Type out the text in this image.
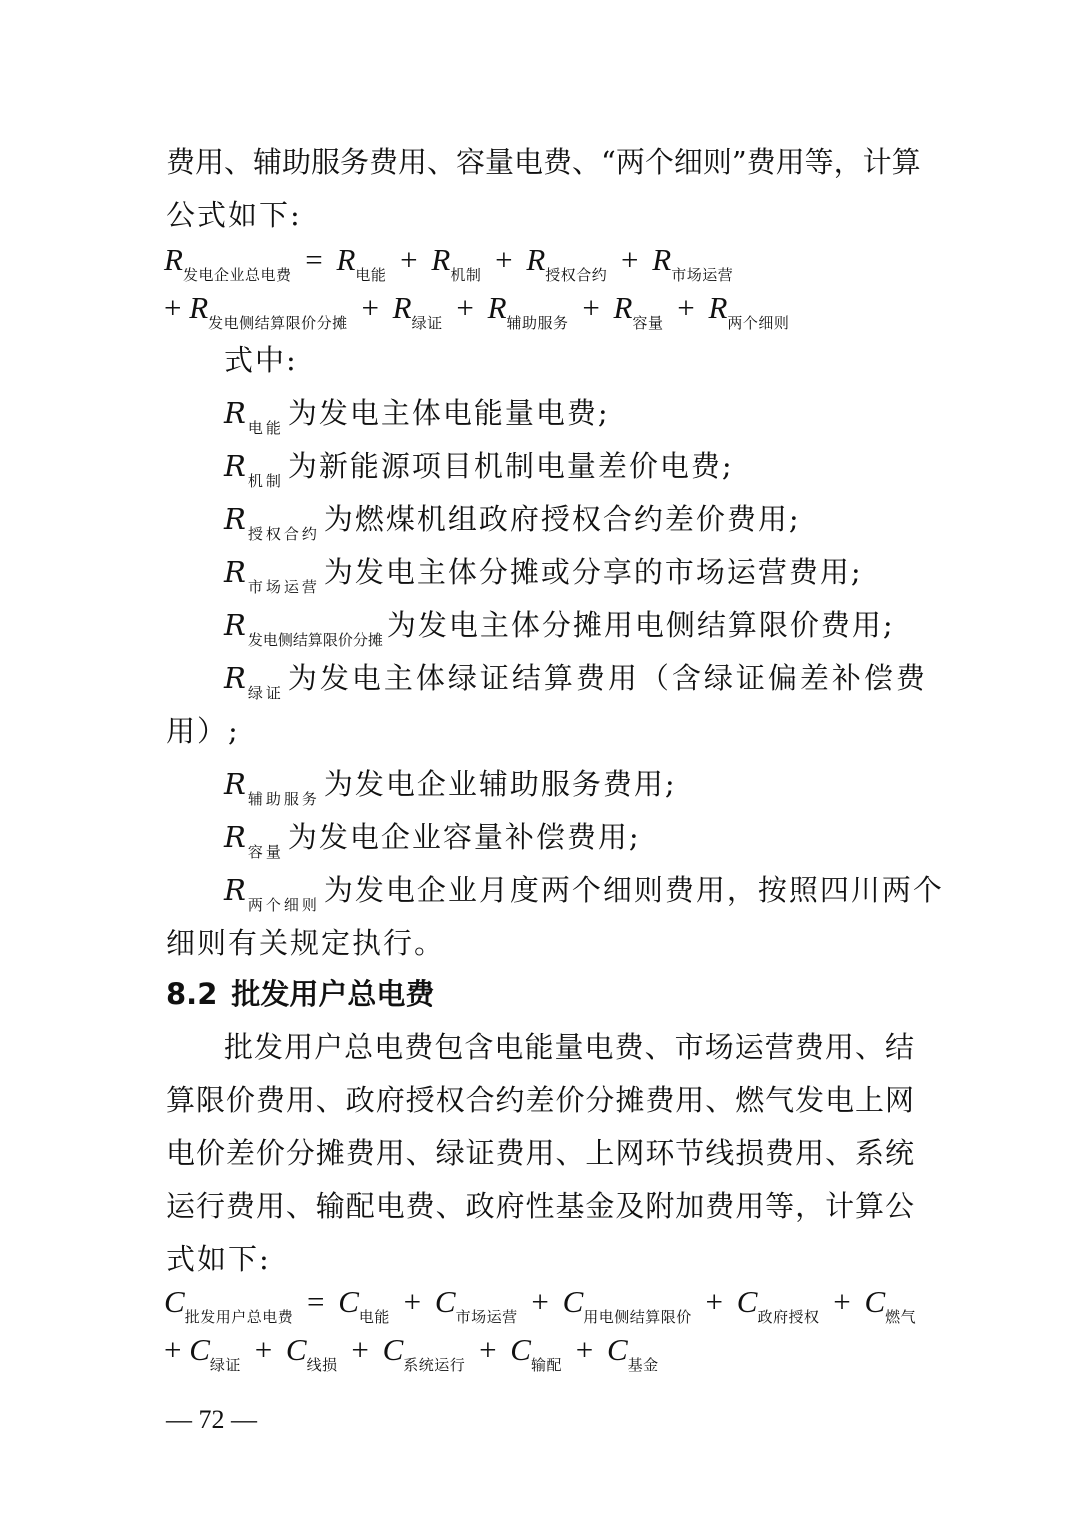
费用、辅助服务费用、容量电费、“两个细则”费用等，计算
公式如下:
$R_{发电企业总电费} = R_{电能} + R_{机制} + R_{授权合约} + R_{市场运营}$
+ $R_{发电侧结算限价分摊} + R_{绿证} + R_{辅助服务} + R_{容量} + R_{两个细则}$
式中:
$R_{电能}$ 为发电主体电能量电费;
$R_{机制}$ 为新能源项目机制电量差价电费;
$R_{授权合约}$ 为燃煤机组政府授权合约差价费用;
$R_{市场运营}$ 为发电主体分摊或分享的市场运营费用;
$R_{发电侧结算限价分摊}$ 为发电主体分摊用电侧结算限价费用;
$R_{绿证}$ 为发电主体绿证结算费用（含绿证偏差补偿费
用）;
$R_{辅助服务}$ 为发电企业辅助服务费用;
$R_{容量}$ 为发电企业容量补偿费用;
$R_{两个细则}$ 为发电企业月度两个细则费用，按照四川两个
细则有关规定执行。
8.2 批发用户总电费
批发用户总电费包含电能量电费、市场运营费用、结
算限价费用、政府授权合约差价分摊费用、燃气发电上网
电价差价分摊费用、绿证费用、上网环节线损费用、系统
运行费用、输配电费、政府性基金及附加费用等，计算公
式如下:
$C_{批发用户总电费} = C_{电能} + C_{市场运营} + C_{用电侧结算限价} + C_{政府授权} + C_{燃气}$
+ $C_{绿证} + C_{线损} + C_{系统运行} + C_{输配} + C_{基金}$
— 72 —
